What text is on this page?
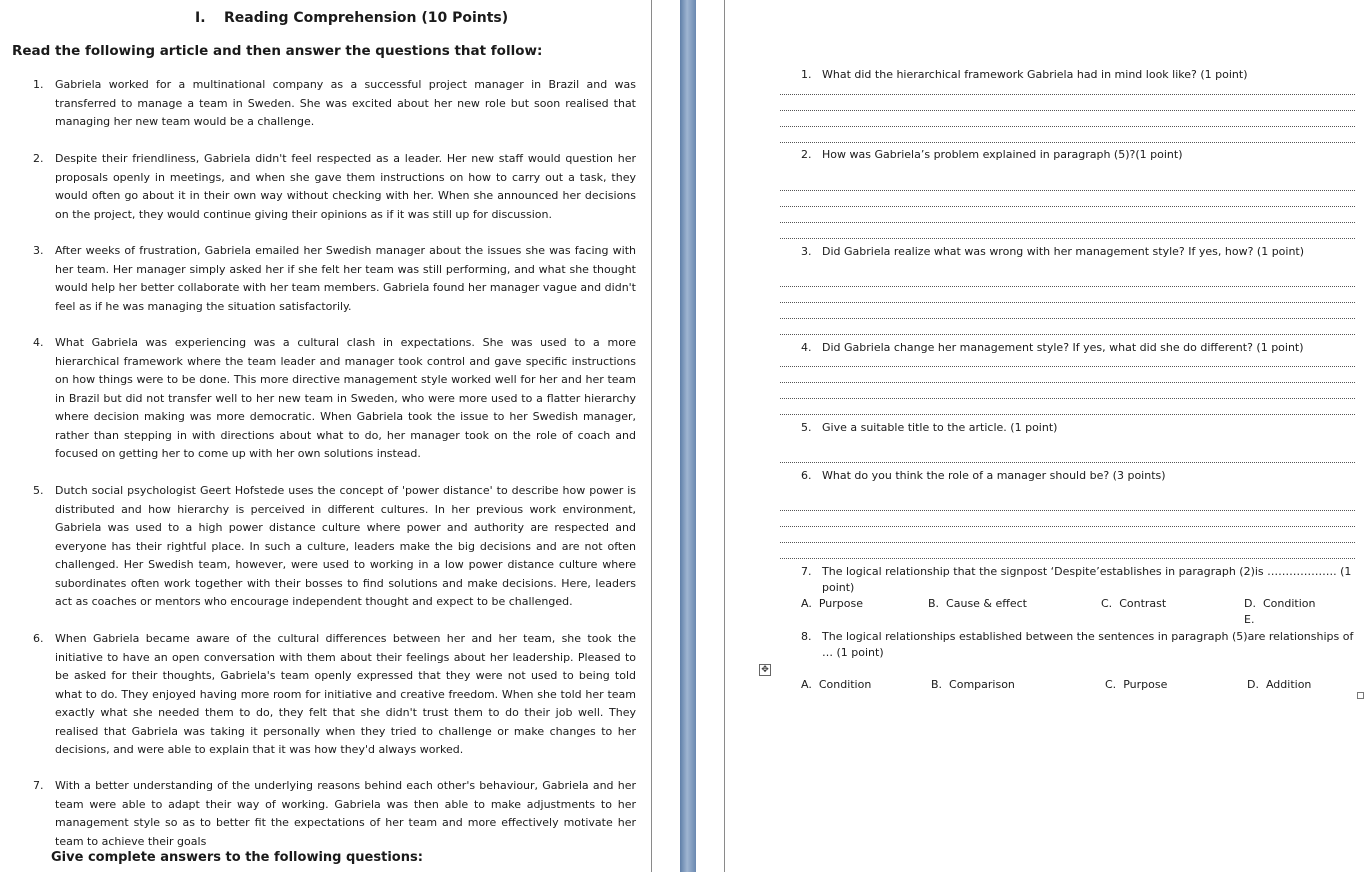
I. Reading Comprehension (10 Points)
Read the following article and then answer the questions that follow:
1. Gabriela worked for a multinational company as a successful project manager in Brazil and was transferred to manage a team in Sweden. She was excited about her new role but soon realised that managing her new team would be a challenge.
2. Despite their friendliness, Gabriela didn't feel respected as a leader. Her new staff would question her proposals openly in meetings, and when she gave them instructions on how to carry out a task, they would often go about it in their own way without checking with her. When she announced her decisions on the project, they would continue giving their opinions as if it was still up for discussion.
3. After weeks of frustration, Gabriela emailed her Swedish manager about the issues she was facing with her team. Her manager simply asked her if she felt her team was still performing, and what she thought would help her better collaborate with her team members. Gabriela found her manager vague and didn't feel as if he was managing the situation satisfactorily.
4. What Gabriela was experiencing was a cultural clash in expectations. She was used to a more hierarchical framework where the team leader and manager took control and gave specific instructions on how things were to be done. This more directive management style worked well for her and her team in Brazil but did not transfer well to her new team in Sweden, who were more used to a flatter hierarchy where decision making was more democratic. When Gabriela took the issue to her Swedish manager, rather than stepping in with directions about what to do, her manager took on the role of coach and focused on getting her to come up with her own solutions instead.
5. Dutch social psychologist Geert Hofstede uses the concept of 'power distance' to describe how power is distributed and how hierarchy is perceived in different cultures. In her previous work environment, Gabriela was used to a high power distance culture where power and authority are respected and everyone has their rightful place. In such a culture, leaders make the big decisions and are not often challenged. Her Swedish team, however, were used to working in a low power distance culture where subordinates often work together with their bosses to find solutions and make decisions. Here, leaders act as coaches or mentors who encourage independent thought and expect to be challenged.
6. When Gabriela became aware of the cultural differences between her and her team, she took the initiative to have an open conversation with them about their feelings about her leadership. Pleased to be asked for their thoughts, Gabriela's team openly expressed that they were not used to being told what to do. They enjoyed having more room for initiative and creative freedom. When she told her team exactly what she needed them to do, they felt that she didn't trust them to do their job well. They realised that Gabriela was taking it personally when they tried to challenge or make changes to her decisions, and were able to explain that it was how they'd always worked.
7. With a better understanding of the underlying reasons behind each other's behaviour, Gabriela and her team were able to adapt their way of working. Gabriela was then able to make adjustments to her management style so as to better fit the expectations of her team and more effectively motivate her team to achieve their goals
Give complete answers to the following questions:
1. What did the hierarchical framework Gabriela had in mind look like? (1 point)
2. How was Gabriela’s problem explained in paragraph (5)?(1 point)
3. Did Gabriela realize what was wrong with her management style? If yes, how? (1 point)
4. Did Gabriela change her management style? If yes, what did she do different? (1 point)
5. Give a suitable title to the article. (1 point)
6. What do you think the role of a manager should be? (3 points)
7. The logical relationship that the signpost ‘Despite’establishes in paragraph (2)is ………………. (1 point)
A. Purpose	B. Cause & effect	C. Contrast	D. Condition
E.
8. The logical relationships established between the sentences in paragraph (5)are relationships of … (1 point)
A. Condition	B. Comparison	C. Purpose	D. Addition
✥
